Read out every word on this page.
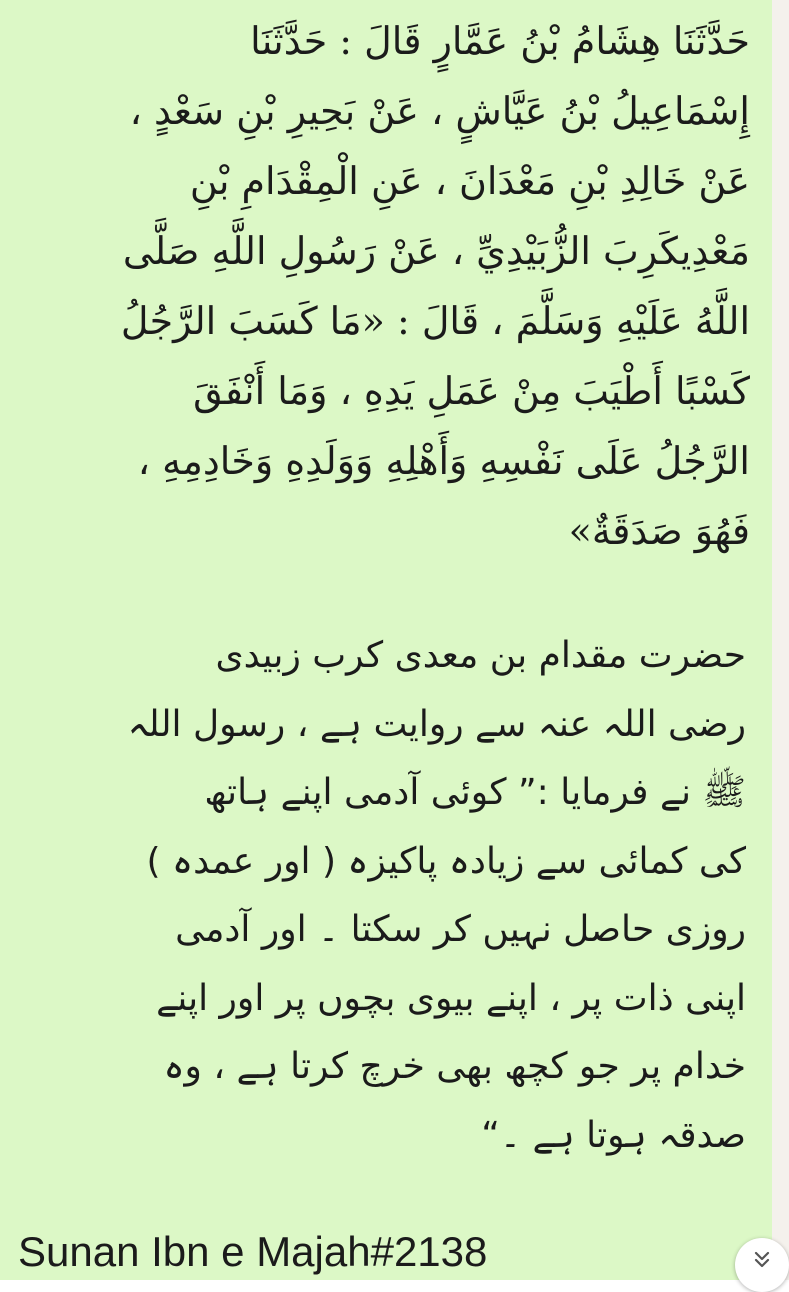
حَدَّثَنَا هِشَامُ بْنُ عَمَّارٍ قَالَ : حَدَّثَنَا
إِسْمَاعِيلُ بْنُ عَيَّاشٍ ، عَنْ بَحِيرِ بْنِ سَعْدٍ ،
عَنْ خَالِدِ بْنِ مَعْدَانَ ، عَنِ الْمِقْدَامِ بْنِ
مَعْدِيكَرِبَ الزُّبَيْدِيِّ ، عَنْ رَسُولِ اللَّهِ صَلَّى
اللَّهُ عَلَيْهِ وَسَلَّمَ ، قَالَ : «مَا كَسَبَ الرَّجُلُ
كَسْبًا أَطْيَبَ مِنْ عَمَلِ يَدِهِ ، وَمَا أَنْفَقَ
الرَّجُلُ عَلَى نَفْسِهِ وَأَهْلِهِ وَوَلَدِهِ وَخَادِمِهِ ،
فَهُوَ صَدَقَةٌ»

حضرت مقدام بن معدی کرب زبیدی
رضی اللہ عنہ سے روایت ہے ، رسول اللہ
ﷺ نے فرمایا :” کوئی آدمی اپنے ہاتھ
کی کمائی سے زیادہ پاکیزہ ( اور عمدہ )
روزی حاصل نہیں کر سکتا ۔ اور آدمی
اپنی ذات پر ، اپنے بیوی بچوں پر اور اپنے
خدام پر جو کچھ بھی خرچ کرتا ہے ، وہ
صدقہ ہوتا ہے ۔“

Sunan Ibn e Majah#2138
